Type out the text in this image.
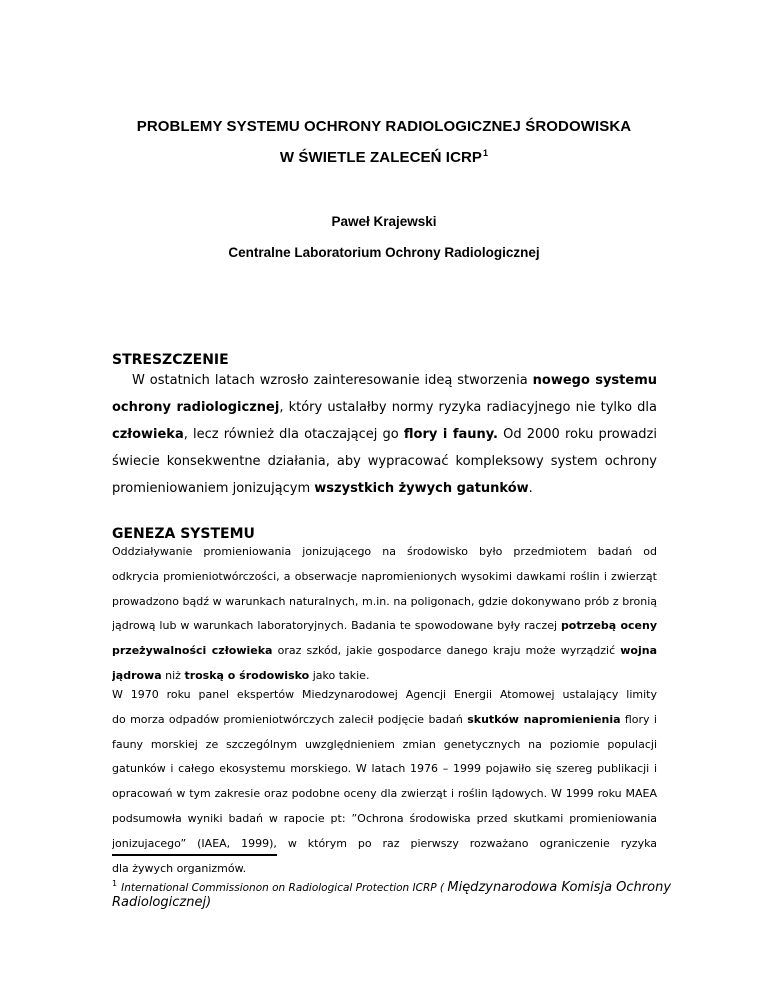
PROBLEMY SYSTEMU OCHRONY RADIOLOGICZNEJ ŚRODOWISKA
W ŚWIETLE ZALECEŃ ICRP$^1$
Paweł Krajewski
Centralne Laboratorium Ochrony Radiologicznej
STRESZCZENIE
W ostatnich latach wzrosło zainteresowanie ideą stworzenia nowego systemu
ochrony radiologicznej, który ustalałby normy ryzyka radiacyjnego nie tylko dla
człowieka, lecz również dla otaczającej go flory i fauny. Od 2000 roku prowadzi
świecie konsekwentne działania, aby wypracować kompleksowy system ochrony
promieniowaniem jonizującym wszystkich żywych gatunków.
GENEZA SYSTEMU
Oddziaływanie promieniowania jonizującego na środowisko było przedmiotem badań od
odkrycia promieniotwórczości, a obserwacje napromienionych wysokimi dawkami roślin i zwierząt
prowadzono bądź w warunkach naturalnych, m.in. na poligonach, gdzie dokonywano prób z bronią
jądrową lub w warunkach laboratoryjnych. Badania te spowodowane były raczej potrzebą oceny
przeżywalności człowieka oraz szkód, jakie gospodarce danego kraju może wyrządzić wojna
jądrowa niż troską o środowisko jako takie.
W 1970 roku panel ekspertów Miedzynarodowej Agencji Energii Atomowej ustalający limity
do morza odpadów promieniotwórczych zalecił podjęcie badań skutków napromienienia flory i
fauny morskiej ze szczególnym uwzględnieniem zmian genetycznych na poziomie populacji
gatunków i całego ekosystemu morskiego. W latach 1976 – 1999 pojawiło się szereg publikacji i
opracowań w tym zakresie oraz podobne oceny dla zwierząt i roślin lądowych. W 1999 roku MAEA
podsumowła wyniki badań w rapocie pt: ”Ochrona środowiska przed skutkami promieniowania
jonizujacego” (IAEA, 1999), w którym po raz pierwszy rozważano ograniczenie ryzyka
dla żywych organizmów.
$^1$ International Commissionon on Radiological Protection ICRP ( Międzynarodowa Komisja Ochrony
Radiologicznej)
